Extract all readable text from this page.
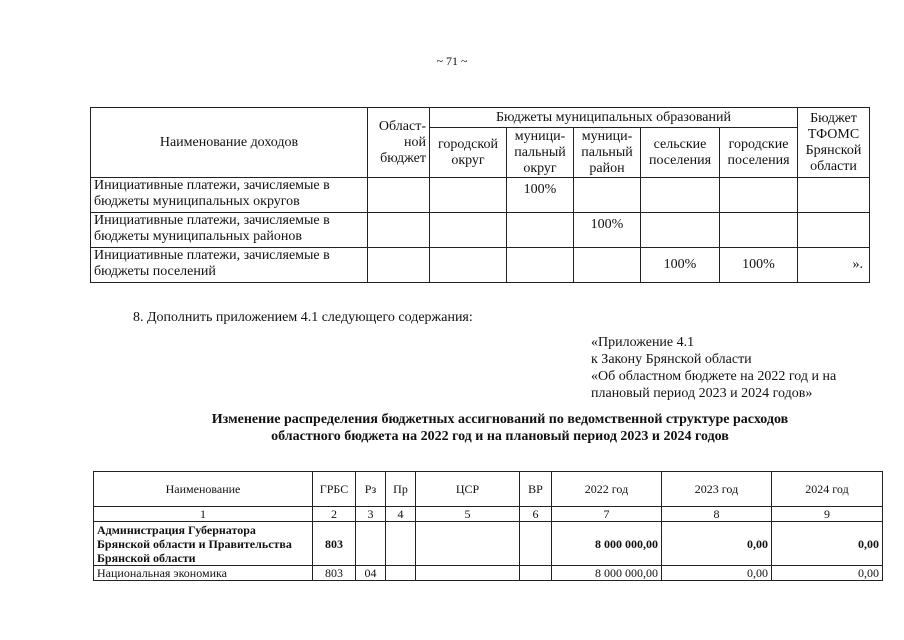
~ 71 ~
Наименование доходов	Област-
ной
бюджет	Бюджеты муниципальных образований					Бюджет
ТФОМС
Брянской
области
		городской
округ	муници-
пальный
округ	муници-
пальный
район	сельские
поселения	городские
поселения	
Инициативные платежи, зачисляемые в бюджеты муниципальных округов			100%				
Инициативные платежи, зачисляемые в бюджеты муниципальных районов				100%			
Инициативные платежи, зачисляемые в бюджеты поселений					100%	100%	».
8. Дополнить приложением 4.1 следующего содержания:
«Приложение 4.1
к Закону Брянской области
«Об областном бюджете на 2022 год и на
плановый период 2023 и 2024 годов»
Изменение распределения бюджетных ассигнований по ведомственной структуре расходов
областного бюджета на 2022 год и на плановый период 2023 и 2024 годов
Наименование	ГРБС	Рз	Пр	ЦСР	ВР	2022 год	2023 год	2024 год
1	2	3	4	5	6	7	8	9
Администрация Губернатора Брянской области и Правительства Брянской области	803					8 000 000,00	0,00	0,00
Национальная экономика	803	04				8 000 000,00	0,00	0,00
